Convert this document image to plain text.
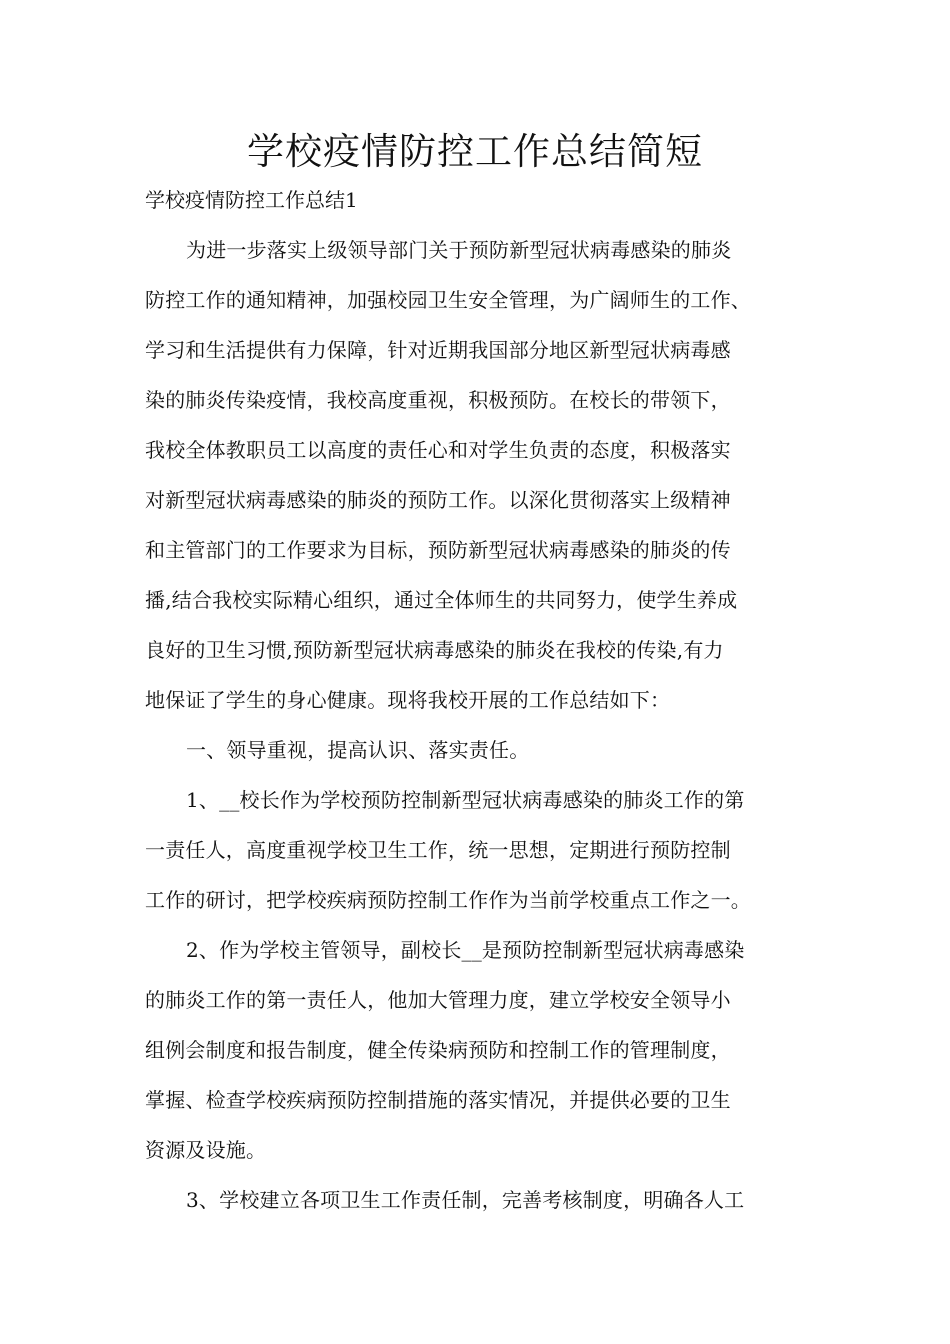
学校疫情防控工作总结简短
学校疫情防控工作总结1
为进一步落实上级领导部门关于预防新型冠状病毒感染的肺炎
防控工作的通知精神，加强校园卫生安全管理，为广阔师生的工作、
学习和生活提供有力保障，针对近期我国部分地区新型冠状病毒感
染的肺炎传染疫情，我校高度重视，积极预防。在校长的带领下，
我校全体教职员工以高度的责任心和对学生负责的态度，积极落实
对新型冠状病毒感染的肺炎的预防工作。以深化贯彻落实上级精神
和主管部门的工作要求为目标，预防新型冠状病毒感染的肺炎的传
播,结合我校实际精心组织，通过全体师生的共同努力，使学生养成
良好的卫生习惯,预防新型冠状病毒感染的肺炎在我校的传染,有力
地保证了学生的身心健康。现将我校开展的工作总结如下：
一、领导重视，提高认识、落实责任。
1、__校长作为学校预防控制新型冠状病毒感染的肺炎工作的第
一责任人，高度重视学校卫生工作，统一思想，定期进行预防控制
工作的研讨，把学校疾病预防控制工作作为当前学校重点工作之一。
2、作为学校主管领导，副校长__是预防控制新型冠状病毒感染
的肺炎工作的第一责任人，他加大管理力度，建立学校安全领导小
组例会制度和报告制度，健全传染病预防和控制工作的管理制度，
掌握、检查学校疾病预防控制措施的落实情况，并提供必要的卫生
资源及设施。
3、学校建立各项卫生工作责任制，完善考核制度，明确各人工
